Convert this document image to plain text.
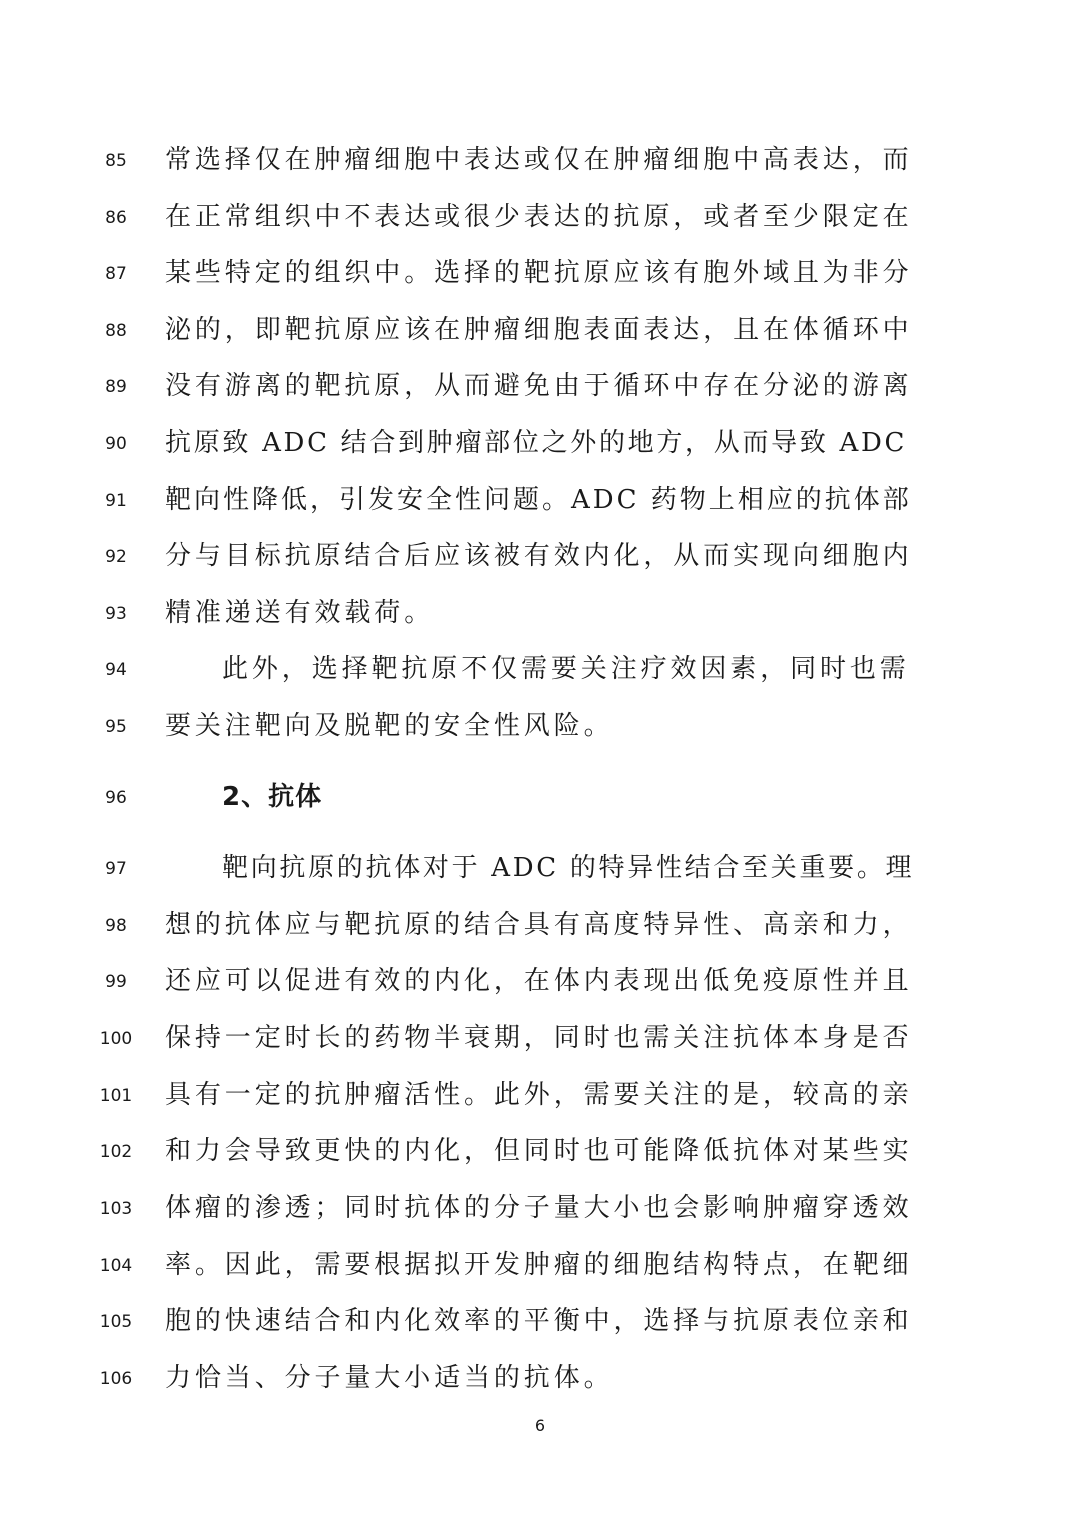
85	常选择仅在肿瘤细胞中表达或仅在肿瘤细胞中高表达，而
86	在正常组织中不表达或很少表达的抗原，或者至少限定在
87	某些特定的组织中。选择的靶抗原应该有胞外域且为非分
88	泌的，即靶抗原应该在肿瘤细胞表面表达，且在体循环中
89	没有游离的靶抗原，从而避免由于循环中存在分泌的游离
90	抗原致 ADC 结合到肿瘤部位之外的地方，从而导致 ADC
91	靶向性降低，引发安全性问题。ADC 药物上相应的抗体部
92	分与目标抗原结合后应该被有效内化，从而实现向细胞内
93	精准递送有效载荷。
94	此外，选择靶抗原不仅需要关注疗效因素，同时也需
95	要关注靶向及脱靶的安全性风险。
96	2、抗体
97	靶向抗原的抗体对于 ADC 的特异性结合至关重要。理
98	想的抗体应与靶抗原的结合具有高度特异性、高亲和力，
99	还应可以促进有效的内化，在体内表现出低免疫原性并且
100	保持一定时长的药物半衰期，同时也需关注抗体本身是否
101	具有一定的抗肿瘤活性。此外，需要关注的是，较高的亲
102	和力会导致更快的内化，但同时也可能降低抗体对某些实
103	体瘤的渗透；同时抗体的分子量大小也会影响肿瘤穿透效
104	率。因此，需要根据拟开发肿瘤的细胞结构特点，在靶细
105	胞的快速结合和内化效率的平衡中，选择与抗原表位亲和
106	力恰当、分子量大小适当的抗体。
6
